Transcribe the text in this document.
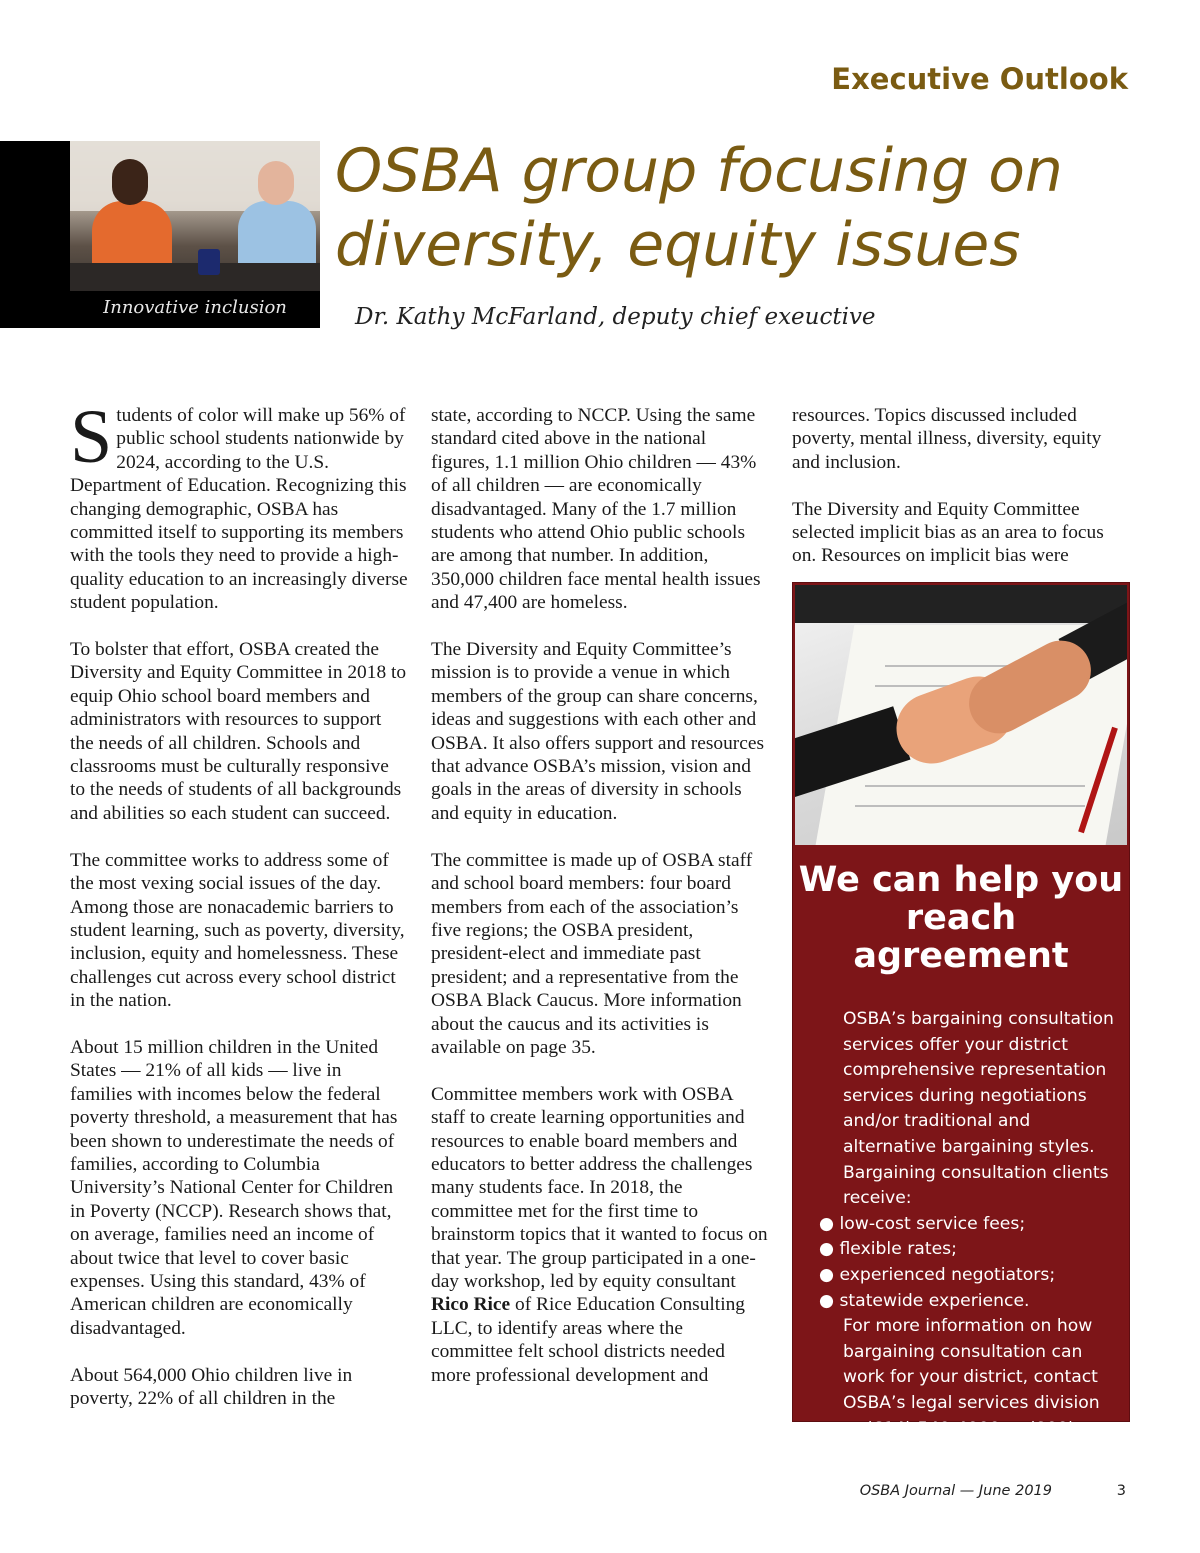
Executive Outlook
Innovative inclusion
OSBA group focusing on
diversity, equity issues
Dr. Kathy McFarland, deputy chief exeuctive

Students of color will make up 56% of public school students nationwide by 2024, according to the U.S. Department of Education. Recognizing this changing demographic, OSBA has committed itself to supporting its members with the tools they need to provide a high-quality education to an increasingly diverse student population.

To bolster that effort, OSBA created the Diversity and Equity Committee in 2018 to equip Ohio school board members and administrators with resources to support the needs of all children. Schools and classrooms must be culturally responsive to the needs of students of all backgrounds and abilities so each student can succeed.

The committee works to address some of the most vexing social issues of the day. Among those are nonacademic barriers to student learning, such as poverty, diversity, inclusion, equity and homelessness. These challenges cut across every school district in the nation.

About 15 million children in the United States — 21% of all kids — live in families with incomes below the federal poverty threshold, a measurement that has been shown to underestimate the needs of families, according to Columbia University’s National Center for Children in Poverty (NCCP). Research shows that, on average, families need an income of about twice that level to cover basic expenses. Using this standard, 43% of American children are economically disadvantaged.

About 564,000 Ohio children live in poverty, 22% of all children in the

state, according to NCCP. Using the same standard cited above in the national figures, 1.1 million Ohio children — 43% of all children — are economically disadvantaged. Many of the 1.7 million students who attend Ohio public schools are among that number. In addition, 350,000 children face mental health issues and 47,400 are homeless.

The Diversity and Equity Committee’s mission is to provide a venue in which members of the group can share concerns, ideas and suggestions with each other and OSBA. It also offers support and resources that advance OSBA’s mission, vision and goals in the areas of diversity in schools and equity in education.

The committee is made up of OSBA staff and school board members: four board members from each of the association’s five regions; the OSBA president, president-elect and immediate past president; and a representative from the OSBA Black Caucus. More information about the caucus and its activities is available on page 35.

Committee members work with OSBA staff to create learning opportunities and resources to enable board members and educators to better address the challenges many students face. In 2018, the committee met for the first time to brainstorm topics that it wanted to focus on that year. The group participated in a one-day workshop, led by equity consultant Rico Rice of Rice Education Consulting LLC, to identify areas where the committee felt school districts needed more professional development and

resources. Topics discussed included poverty, mental illness, diversity, equity and inclusion.

The Diversity and Equity Committee selected implicit bias as an area to focus on. Resources on implicit bias were

We can help you reach agreement
OSBA’s bargaining consultation services offer your district comprehensive representation services during negotiations and/or traditional and alternative bargaining styles.
Bargaining consultation clients receive:
● low-cost service fees;
● flexible rates;
● experienced negotiators;
● statewide experience.
For more information on how bargaining consultation can work for your district, contact OSBA’s legal services division at (614) 540-4000 or (800) 589-OSBA.
OSBA Journal — June 2019	3
